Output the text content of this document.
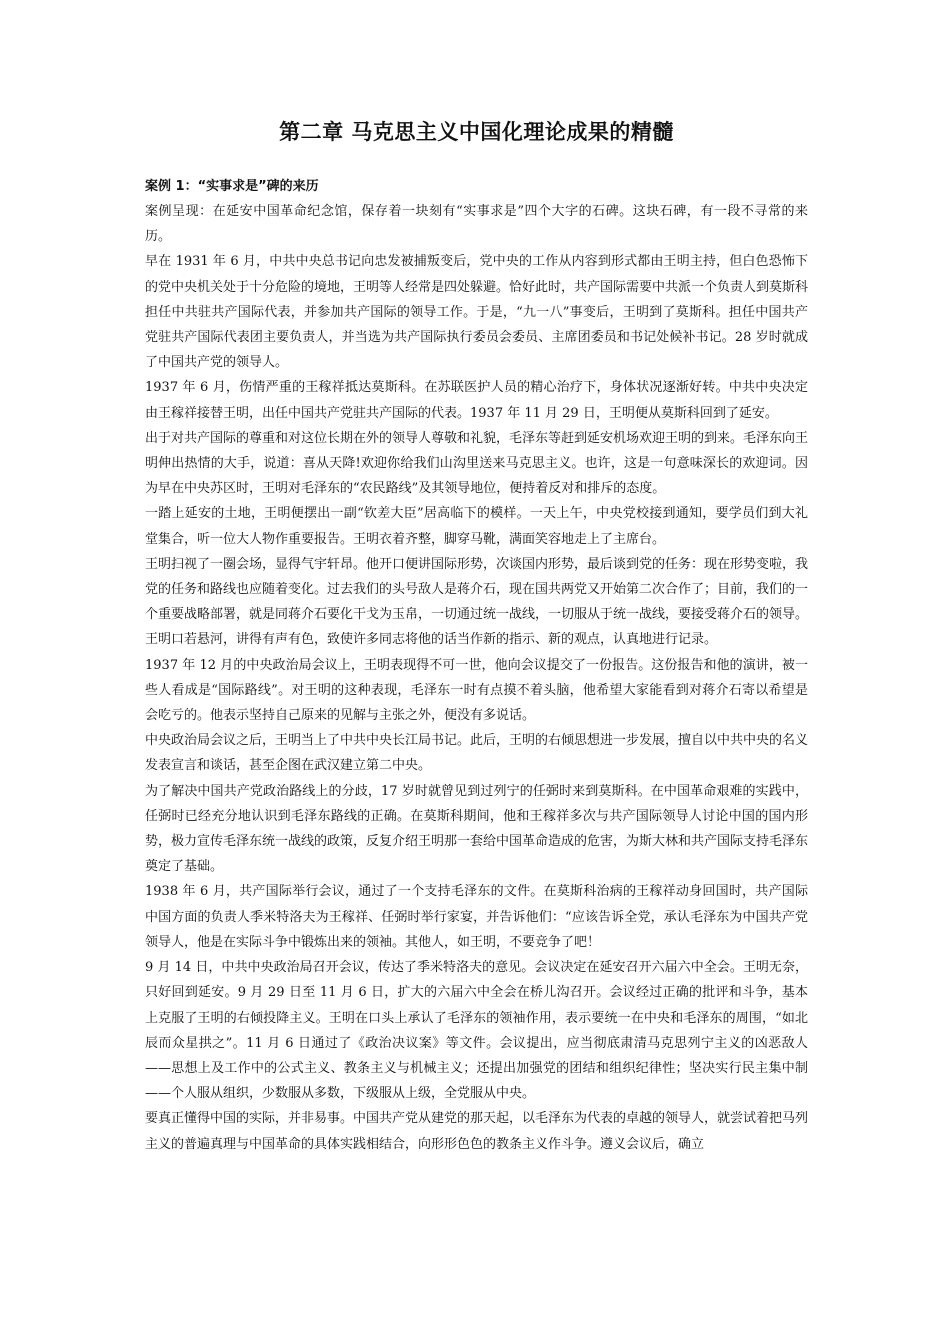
第二章 马克思主义中国化理论成果的精髓

案例 1：“实事求是”碑的来历

案例呈现：在延安中国革命纪念馆，保存着一块刻有“实事求是”四个大字的石碑。这块石碑，有一段不寻常的来历。

早在 1931 年 6 月，中共中央总书记向忠发被捕叛变后，党中央的工作从内容到形式都由王明主持，但白色恐怖下的党中央机关处于十分危险的境地，王明等人经常是四处躲避。恰好此时，共产国际需要中共派一个负责人到莫斯科担任中共驻共产国际代表，并参加共产国际的领导工作。于是，“九一八”事变后，王明到了莫斯科。担任中国共产党驻共产国际代表团主要负责人，并当选为共产国际执行委员会委员、主席团委员和书记处候补书记。28 岁时就成了中国共产党的领导人。

1937 年 6 月，伤情严重的王稼祥抵达莫斯科。在苏联医护人员的精心治疗下，身体状况逐渐好转。中共中央决定由王稼祥接替王明，出任中国共产党驻共产国际的代表。1937 年 11 月 29 日，王明便从莫斯科回到了延安。

出于对共产国际的尊重和对这位长期在外的领导人尊敬和礼貌，毛泽东等赶到延安机场欢迎王明的到来。毛泽东向王明伸出热情的大手，说道：喜从天降!欢迎你给我们山沟里送来马克思主义。也许，这是一句意味深长的欢迎词。因为早在中央苏区时，王明对毛泽东的“农民路线”及其领导地位，便持着反对和排斥的态度。

一踏上延安的土地，王明便摆出一副“钦差大臣”居高临下的模样。一天上午，中央党校接到通知，要学员们到大礼堂集合，听一位大人物作重要报告。王明衣着齐整，脚穿马靴，满面笑容地走上了主席台。

王明扫视了一圈会场，显得气宇轩昂。他开口便讲国际形势，次谈国内形势，最后谈到党的任务：现在形势变啦，我党的任务和路线也应随着变化。过去我们的头号敌人是蒋介石，现在国共两党又开始第二次合作了；目前，我们的一个重要战略部署，就是同蒋介石要化干戈为玉帛，一切通过统一战线，一切服从于统一战线，要接受蒋介石的领导。王明口若悬河，讲得有声有色，致使许多同志将他的话当作新的指示、新的观点，认真地进行记录。

1937 年 12 月的中央政治局会议上，王明表现得不可一世，他向会议提交了一份报告。这份报告和他的演讲，被一些人看成是“国际路线”。对王明的这种表现，毛泽东一时有点摸不着头脑，他希望大家能看到对蒋介石寄以希望是会吃亏的。他表示坚持自己原来的见解与主张之外，便没有多说话。

中央政治局会议之后，王明当上了中共中央长江局书记。此后，王明的右倾思想进一步发展，擅自以中共中央的名义发表宣言和谈话，甚至企图在武汉建立第二中央。

为了解决中国共产党政治路线上的分歧，17 岁时就曾见到过列宁的任弼时来到莫斯科。在中国革命艰难的实践中，任弼时已经充分地认识到毛泽东路线的正确。在莫斯科期间，他和王稼祥多次与共产国际领导人讨论中国的国内形势，极力宣传毛泽东统一战线的政策，反复介绍王明那一套给中国革命造成的危害，为斯大林和共产国际支持毛泽东奠定了基础。

1938 年 6 月，共产国际举行会议，通过了一个支持毛泽东的文件。在莫斯科治病的王稼祥动身回国时，共产国际中国方面的负责人季米特洛夫为王稼祥、任弼时举行家宴，并告诉他们：“应该告诉全党，承认毛泽东为中国共产党领导人，他是在实际斗争中锻炼出来的领袖。其他人，如王明，不要竞争了吧！

9 月 14 日，中共中央政治局召开会议，传达了季米特洛夫的意见。会议决定在延安召开六届六中全会。王明无奈，只好回到延安。9 月 29 日至 11 月 6 日，扩大的六届六中全会在桥儿沟召开。会议经过正确的批评和斗争，基本上克服了王明的右倾投降主义。王明在口头上承认了毛泽东的领袖作用，表示要统一在中央和毛泽东的周围，“如北辰而众星拱之”。11 月 6 日通过了《政治决议案》等文件。会议提出，应当彻底肃清马克思列宁主义的凶恶敌人——思想上及工作中的公式主义、教条主义与机械主义；还提出加强党的团结和组织纪律性；坚决实行民主集中制——个人服从组织，少数服从多数，下级服从上级，全党服从中央。

要真正懂得中国的实际，并非易事。中国共产党从建党的那天起，以毛泽东为代表的卓越的领导人，就尝试着把马列主义的普遍真理与中国革命的具体实践相结合，向形形色色的教条主义作斗争。遵义会议后，确立
